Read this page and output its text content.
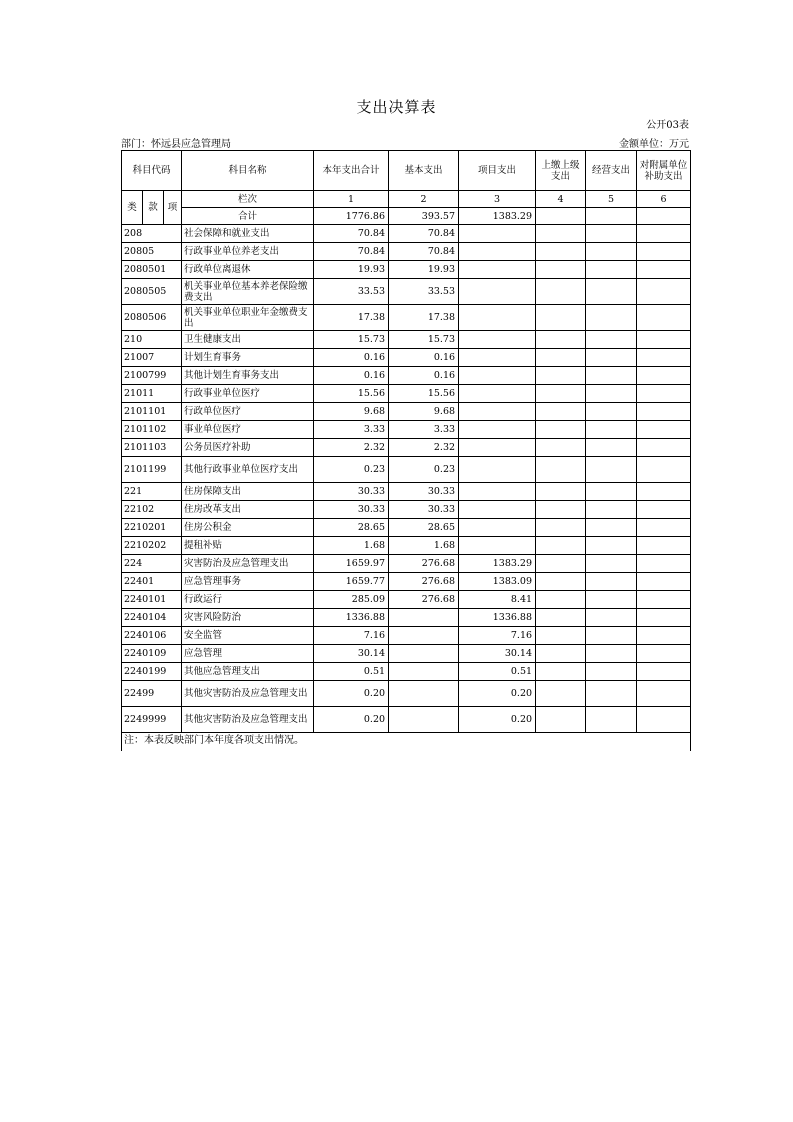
支出决算表
公开03表
部门：怀远县应急管理局	金额单位：万元
科目代码			科目名称	本年支出合计	基本支出	项目支出	上缴上级支出	经营支出	对附属单位补助支出
类	款	项	栏次	1	2	3	4	5	6
			合计	1776.86	393.57	1383.29			
208			社会保障和就业支出	70.84	70.84				
20805			行政事业单位养老支出	70.84	70.84				
2080501			行政单位离退休	19.93	19.93				
2080505			机关事业单位基本养老保险缴费支出	33.53	33.53				
2080506			机关事业单位职业年金缴费支出	17.38	17.38				
210			卫生健康支出	15.73	15.73				
21007			计划生育事务	0.16	0.16				
2100799			其他计划生育事务支出	0.16	0.16				
21011			行政事业单位医疗	15.56	15.56				
2101101			行政单位医疗	9.68	9.68				
2101102			事业单位医疗	3.33	3.33				
2101103			公务员医疗补助	2.32	2.32				
2101199			其他行政事业单位医疗支出	0.23	0.23				
221			住房保障支出	30.33	30.33				
22102			住房改革支出	30.33	30.33				
2210201			住房公积金	28.65	28.65				
2210202			提租补贴	1.68	1.68				
224			灾害防治及应急管理支出	1659.97	276.68	1383.29			
22401			应急管理事务	1659.77	276.68	1383.09			
2240101			行政运行	285.09	276.68	8.41			
2240104			灾害风险防治	1336.88		1336.88			
2240106			安全监管	7.16		7.16			
2240109			应急管理	30.14		30.14			
2240199			其他应急管理支出	0.51		0.51			
22499			其他灾害防治及应急管理支出	0.20		0.20			
2249999			其他灾害防治及应急管理支出	0.20		0.20			
注：本表反映部门本年度各项支出情况。									
